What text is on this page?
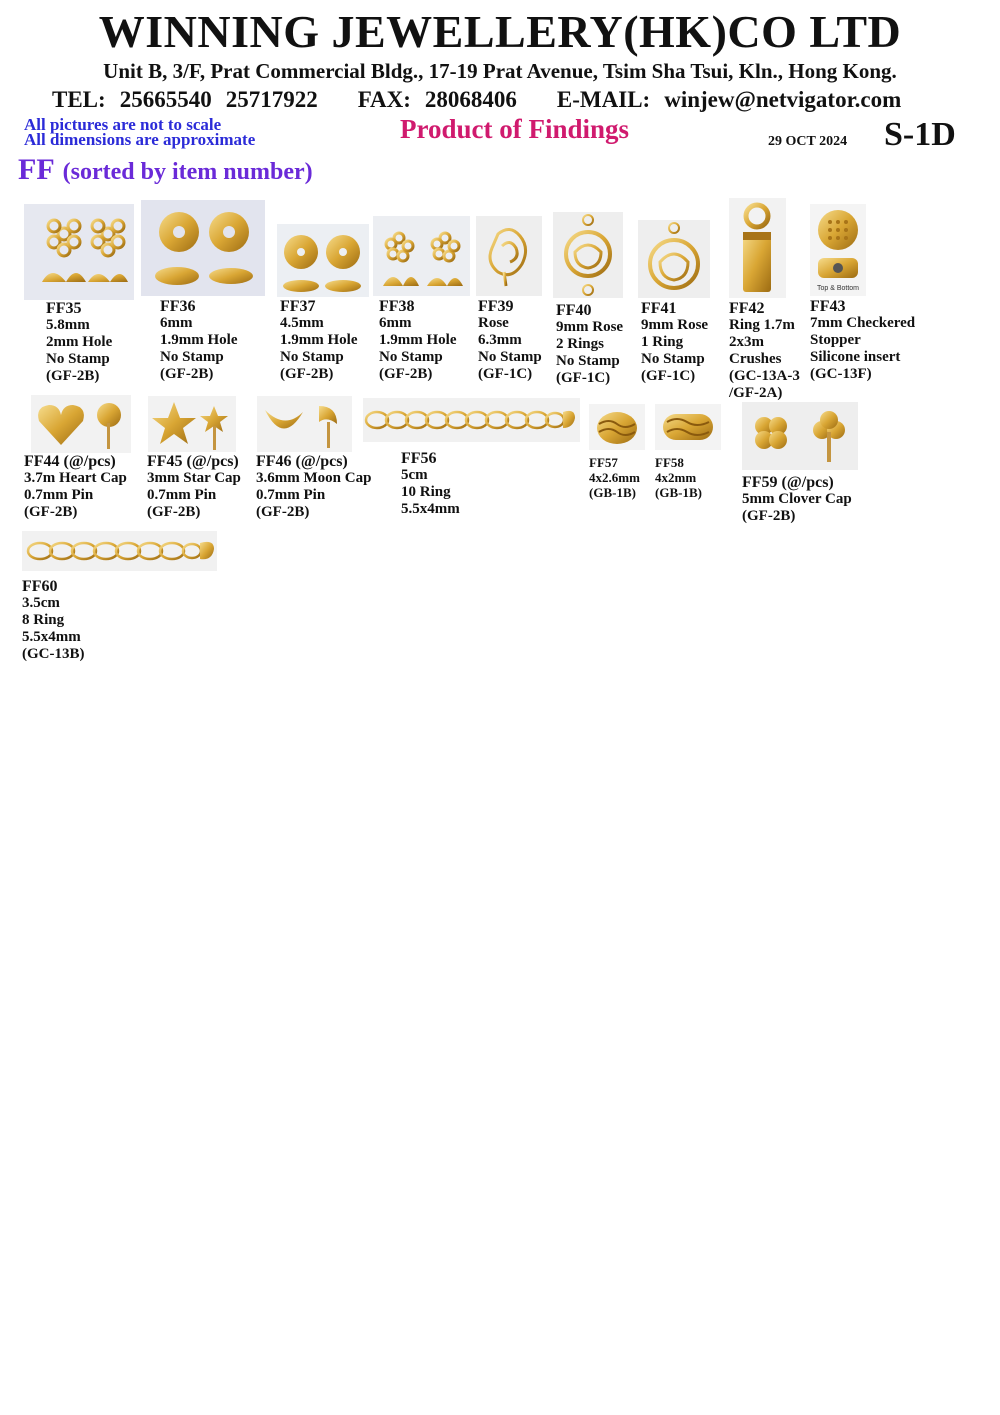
WINNING JEWELLERY(HK)CO LTD
Unit B, 3/F, Prat Commercial Bldg., 17-19 Prat Avenue, Tsim Sha Tsui, Kln., Hong Kong.
TEL: 25665540 25717922 FAX: 28068406 E-MAIL: winjew@netvigator.com
All pictures are not to scale
All dimensions are approximate	Product of Findings	29 OCT 2024 S-1D
FF (sorted by item number)
FF35
5.8mm
2mm Hole
No Stamp
(GF-2B)
FF36
6mm
1.9mm Hole
No Stamp
(GF-2B)
FF37
4.5mm
1.9mm Hole
No Stamp
(GF-2B)
FF38
6mm
1.9mm Hole
No Stamp
(GF-2B)
FF39
Rose
6.3mm
No Stamp
(GF-1C)
FF40
9mm Rose
2 Rings
No Stamp
(GF-1C)
FF41
9mm Rose
1 Ring
No Stamp
(GF-1C)
FF42
Ring 1.7m
2x3m
Crushes
(GC-13A-3
/GF-2A)
Top & Bottom
FF43
7mm Checkered
Stopper
Silicone insert
(GC-13F)
FF44 (@/pcs)
3.7m Heart Cap
0.7mm Pin
(GF-2B)
FF45 (@/pcs)
3mm Star Cap
0.7mm Pin
(GF-2B)
FF46 (@/pcs)
3.6mm Moon Cap
0.7mm Pin
(GF-2B)
FF56
5cm
10 Ring
5.5x4mm
FF57
4x2.6mm
(GB-1B)
FF58
4x2mm
(GB-1B)
FF59 (@/pcs)
5mm Clover Cap
(GF-2B)
FF60
3.5cm
8 Ring
5.5x4mm
(GC-13B)
